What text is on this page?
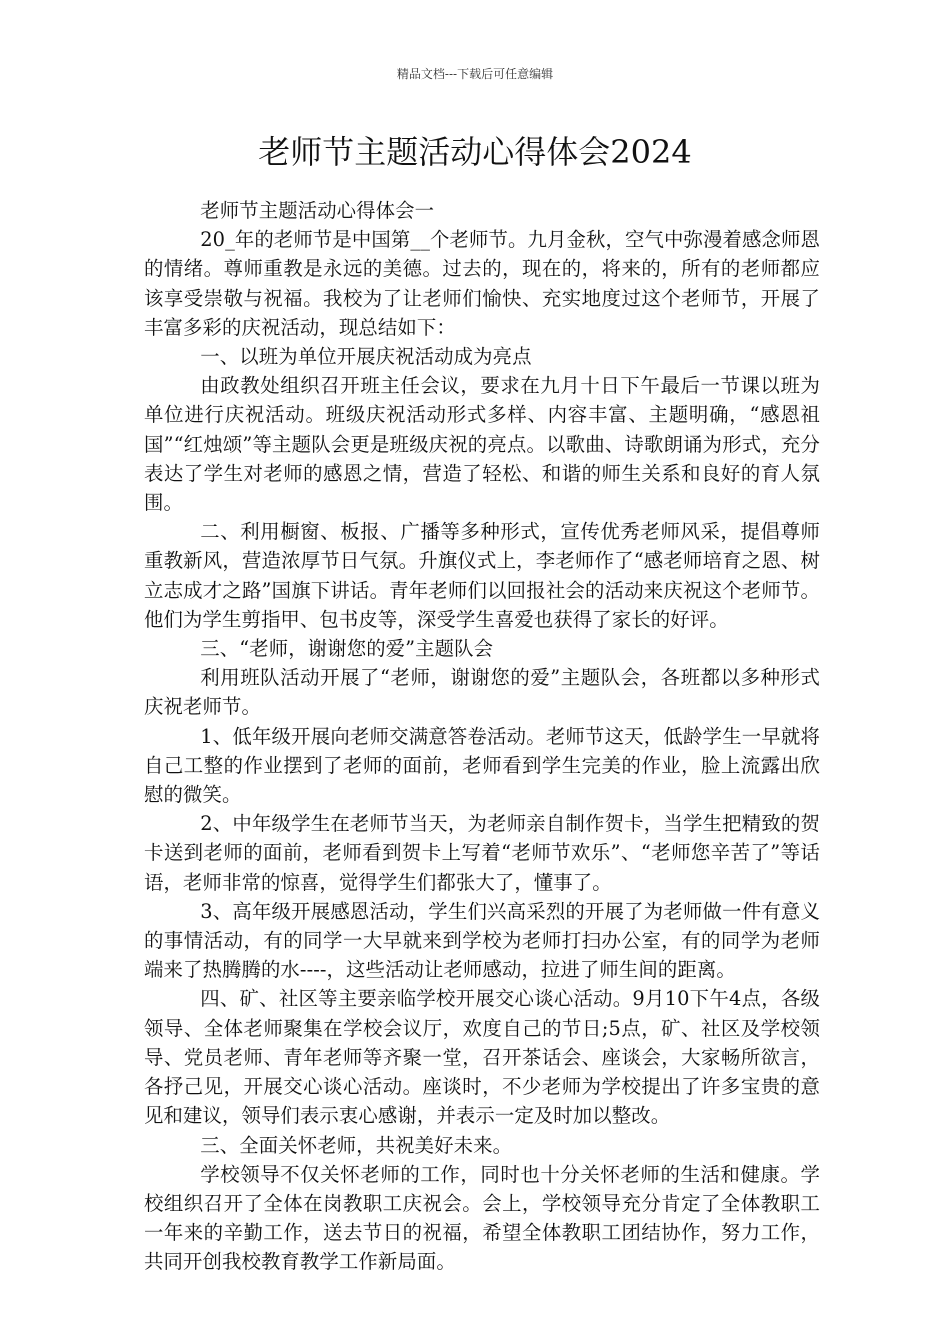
精品文档---下载后可任意编辑
老师节主题活动心得体会2024

老师节主题活动心得体会一

20_年的老师节是中国第__个老师节。九月金秋，空气中弥漫着感念师恩的情绪。尊师重教是永远的美德。过去的，现在的，将来的，所有的老师都应该享受崇敬与祝福。我校为了让老师们愉快、充实地度过这个老师节，开展了丰富多彩的庆祝活动，现总结如下：

一、以班为单位开展庆祝活动成为亮点

由政教处组织召开班主任会议，要求在九月十日下午最后一节课以班为单位进行庆祝活动。班级庆祝活动形式多样、内容丰富、主题明确，“感恩祖国”“红烛颂”等主题队会更是班级庆祝的亮点。以歌曲、诗歌朗诵为形式，充分表达了学生对老师的感恩之情，营造了轻松、和谐的师生关系和良好的育人氛围。

二、利用橱窗、板报、广播等多种形式，宣传优秀老师风采，提倡尊师重教新风，营造浓厚节日气氛。升旗仪式上，李老师作了“感老师培育之恩、树立志成才之路”国旗下讲话。青年老师们以回报社会的活动来庆祝这个老师节。他们为学生剪指甲、包书皮等，深受学生喜爱也获得了家长的好评。

三、“老师，谢谢您的爱”主题队会

利用班队活动开展了“老师，谢谢您的爱”主题队会，各班都以多种形式庆祝老师节。

1、低年级开展向老师交满意答卷活动。老师节这天，低龄学生一早就将自己工整的作业摆到了老师的面前，老师看到学生完美的作业，脸上流露出欣慰的微笑。

2、中年级学生在老师节当天，为老师亲自制作贺卡，当学生把精致的贺卡送到老师的面前，老师看到贺卡上写着“老师节欢乐”、“老师您辛苦了”等话语，老师非常的惊喜，觉得学生们都张大了，懂事了。

3、高年级开展感恩活动，学生们兴高采烈的开展了为老师做一件有意义的事情活动，有的同学一大早就来到学校为老师打扫办公室，有的同学为老师端来了热腾腾的水----，这些活动让老师感动，拉进了师生间的距离。

四、矿、社区等主要亲临学校开展交心谈心活动。9月10下午4点，各级领导、全体老师聚集在学校会议厅，欢度自己的节日;5点，矿、社区及学校领导、党员老师、青年老师等齐聚一堂，召开茶话会、座谈会，大家畅所欲言，各抒己见，开展交心谈心活动。座谈时，不少老师为学校提出了许多宝贵的意见和建议，领导们表示衷心感谢，并表示一定及时加以整改。

三、全面关怀老师，共祝美好未来。

学校领导不仅关怀老师的工作，同时也十分关怀老师的生活和健康。学校组织召开了全体在岗教职工庆祝会。会上，学校领导充分肯定了全体教职工一年来的辛勤工作，送去节日的祝福，希望全体教职工团结协作，努力工作，共同开创我校教育教学工作新局面。
